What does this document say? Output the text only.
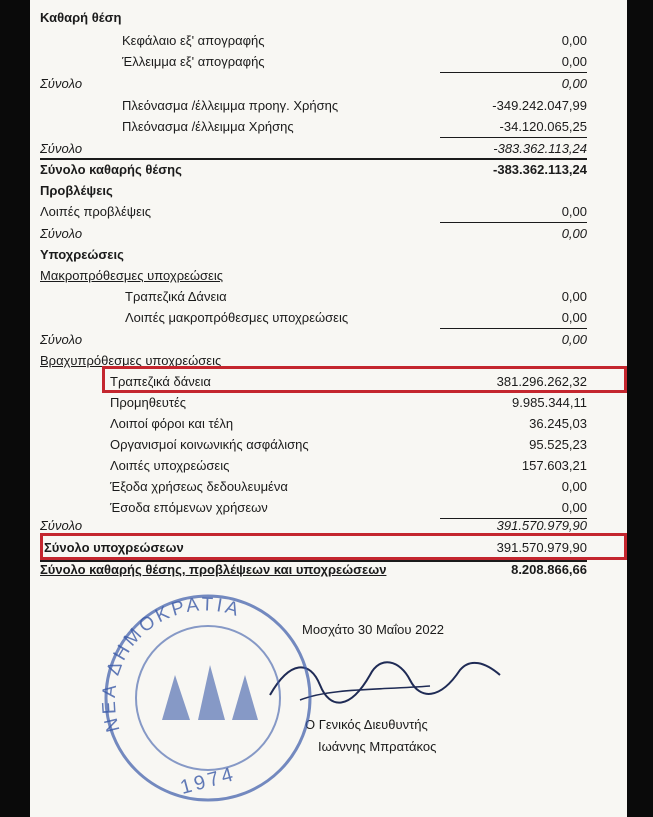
Καθαρή θέση
Κεφάλαιο εξ' απογραφής	0,00
Έλλειμμα εξ' απογραφής	0,00
Σύνολο	0,00
Πλεόνασμα /έλλειμμα προηγ. Χρήσης	-349.242.047,99
Πλεόνασμα /έλλειμμα Χρήσης	-34.120.065,25
Σύνολο	-383.362.113,24
Σύνολο καθαρής θέσης	-383.362.113,24
Προβλέψεις
Λοιπές προβλέψεις	0,00
Σύνολο	0,00
Υποχρεώσεις
Μακροπρόθεσμες υποχρεώσεις
Τραπεζικά Δάνεια	0,00
Λοιπές μακροπρόθεσμες υποχρεώσεις	0,00
Σύνολο	0,00
Βραχυπρόθεσμες υποχρεώσεις
Τραπεζικά δάνεια	381.296.262,32
Προμηθευτές	9.985.344,11
Λοιποί φόροι και τέλη	36.245,03
Οργανισμοί κοινωνικής ασφάλισης	95.525,23
Λοιπές υποχρεώσεις	157.603,21
Έξοδα χρήσεως δεδουλευμένα	0,00
Έσοδα επόμενων χρήσεων	0,00
Σύνολο	391.570.979,90
Σύνολο υποχρεώσεων	391.570.979,90
Σύνολο καθαρής θέσης, προβλέψεων και υποχρεώσεων	8.208.866,66
Μοσχάτο 30 Μαΐου 2022
Ο Γενικός Διευθυντής
Ιωάννης Μπρατάκος
ΝΕΑ ΔΗΜΟΚΡΑΤΙΑ
1974
